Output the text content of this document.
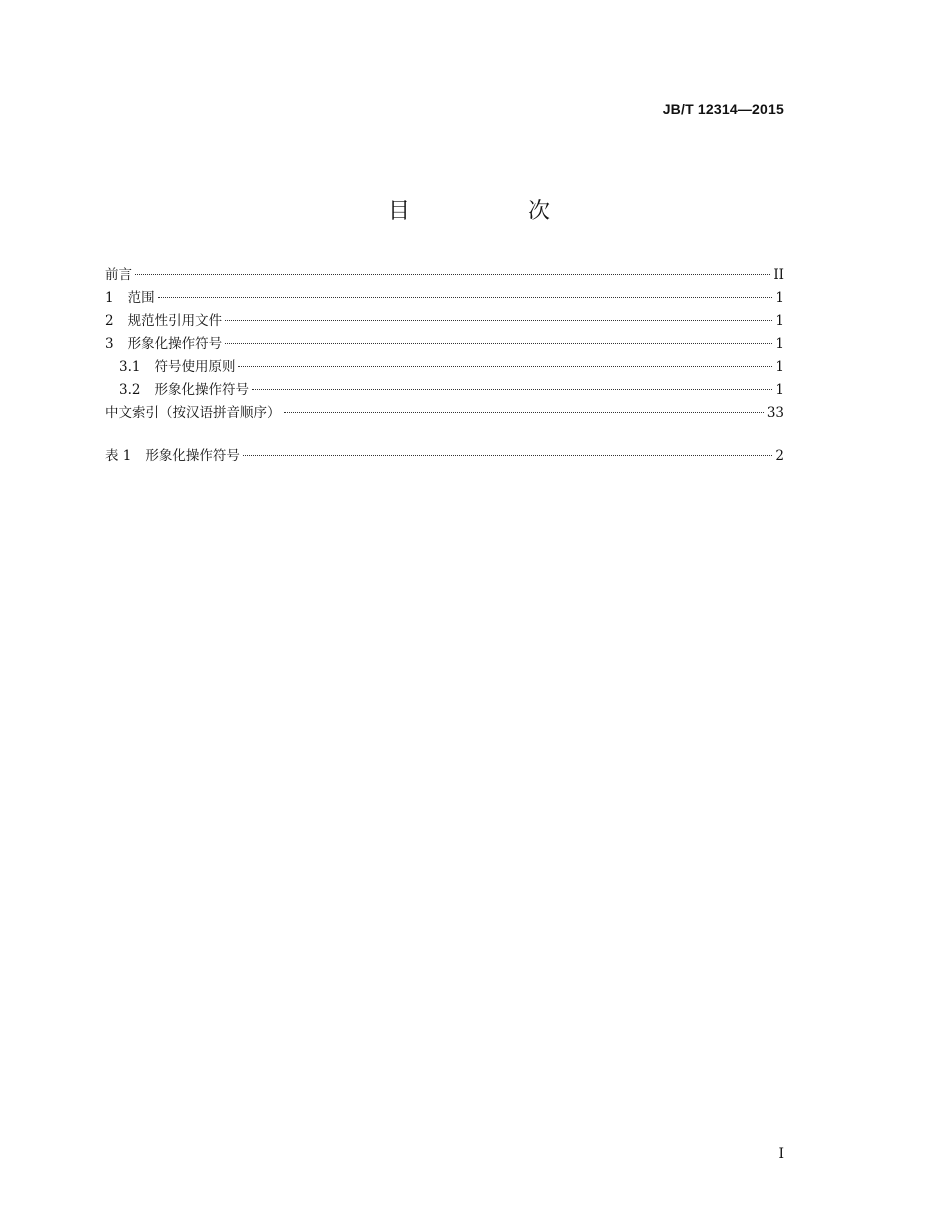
JB/T 12314—2015
目　次
前言	II
1 范围	1
2 规范性引用文件	1
3 形象化操作符号	1
3.1 符号使用原则	1
3.2 形象化操作符号	1
中文索引（按汉语拼音顺序）	33
表 1 形象化操作符号	2
I
